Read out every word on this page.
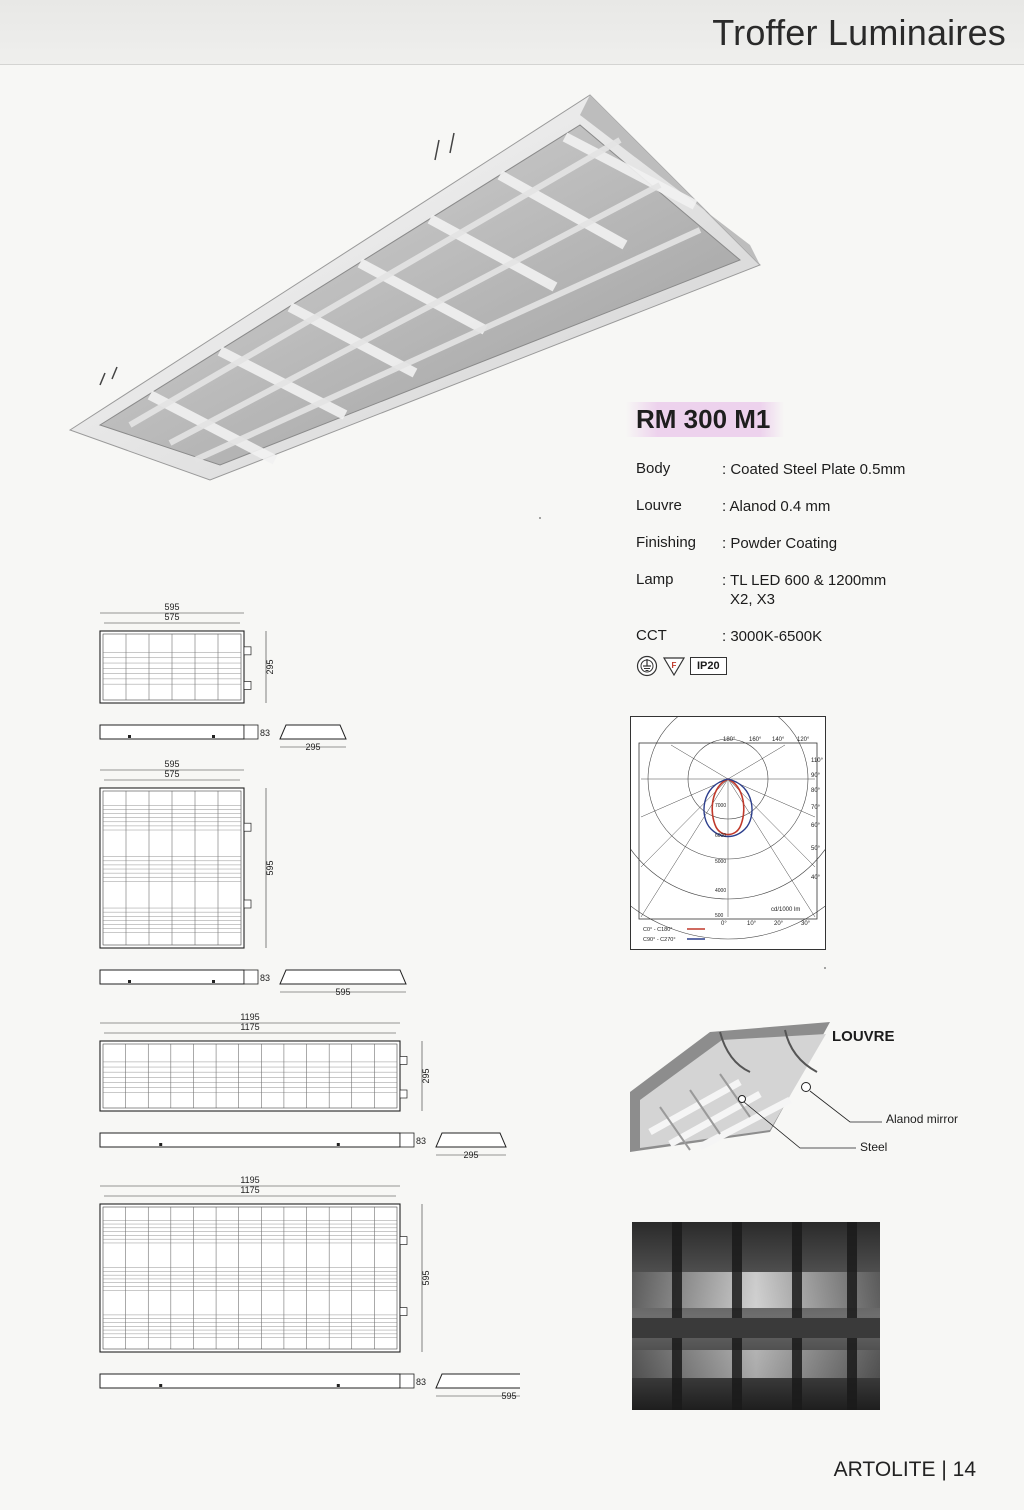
Troffer Luminaires
RM 300 M1
Body	: Coated Steel Plate 0.5mm
Louvre	: Alanod 0.4 mm
Finishing	: Powder Coating
Lamp	: TL LED 600 & 1200mm
X2, X3
CCT	: 3000K-6500K
F	IP20
180° 160° 140° 120°
110°
90°
80°
70°
60°
50°
40°
0°	10°	20°	30°
7000
6000
5000
4000
500
cd/1000 lm
C0° - C180°
C90° - C270°
LOUVRE
Alanod mirror
Steel
595
575
295
83
295
595
575
595
83
595
1195
1175
295
83
295
1195
1175
595
83
595
ARTOLITE | 14
